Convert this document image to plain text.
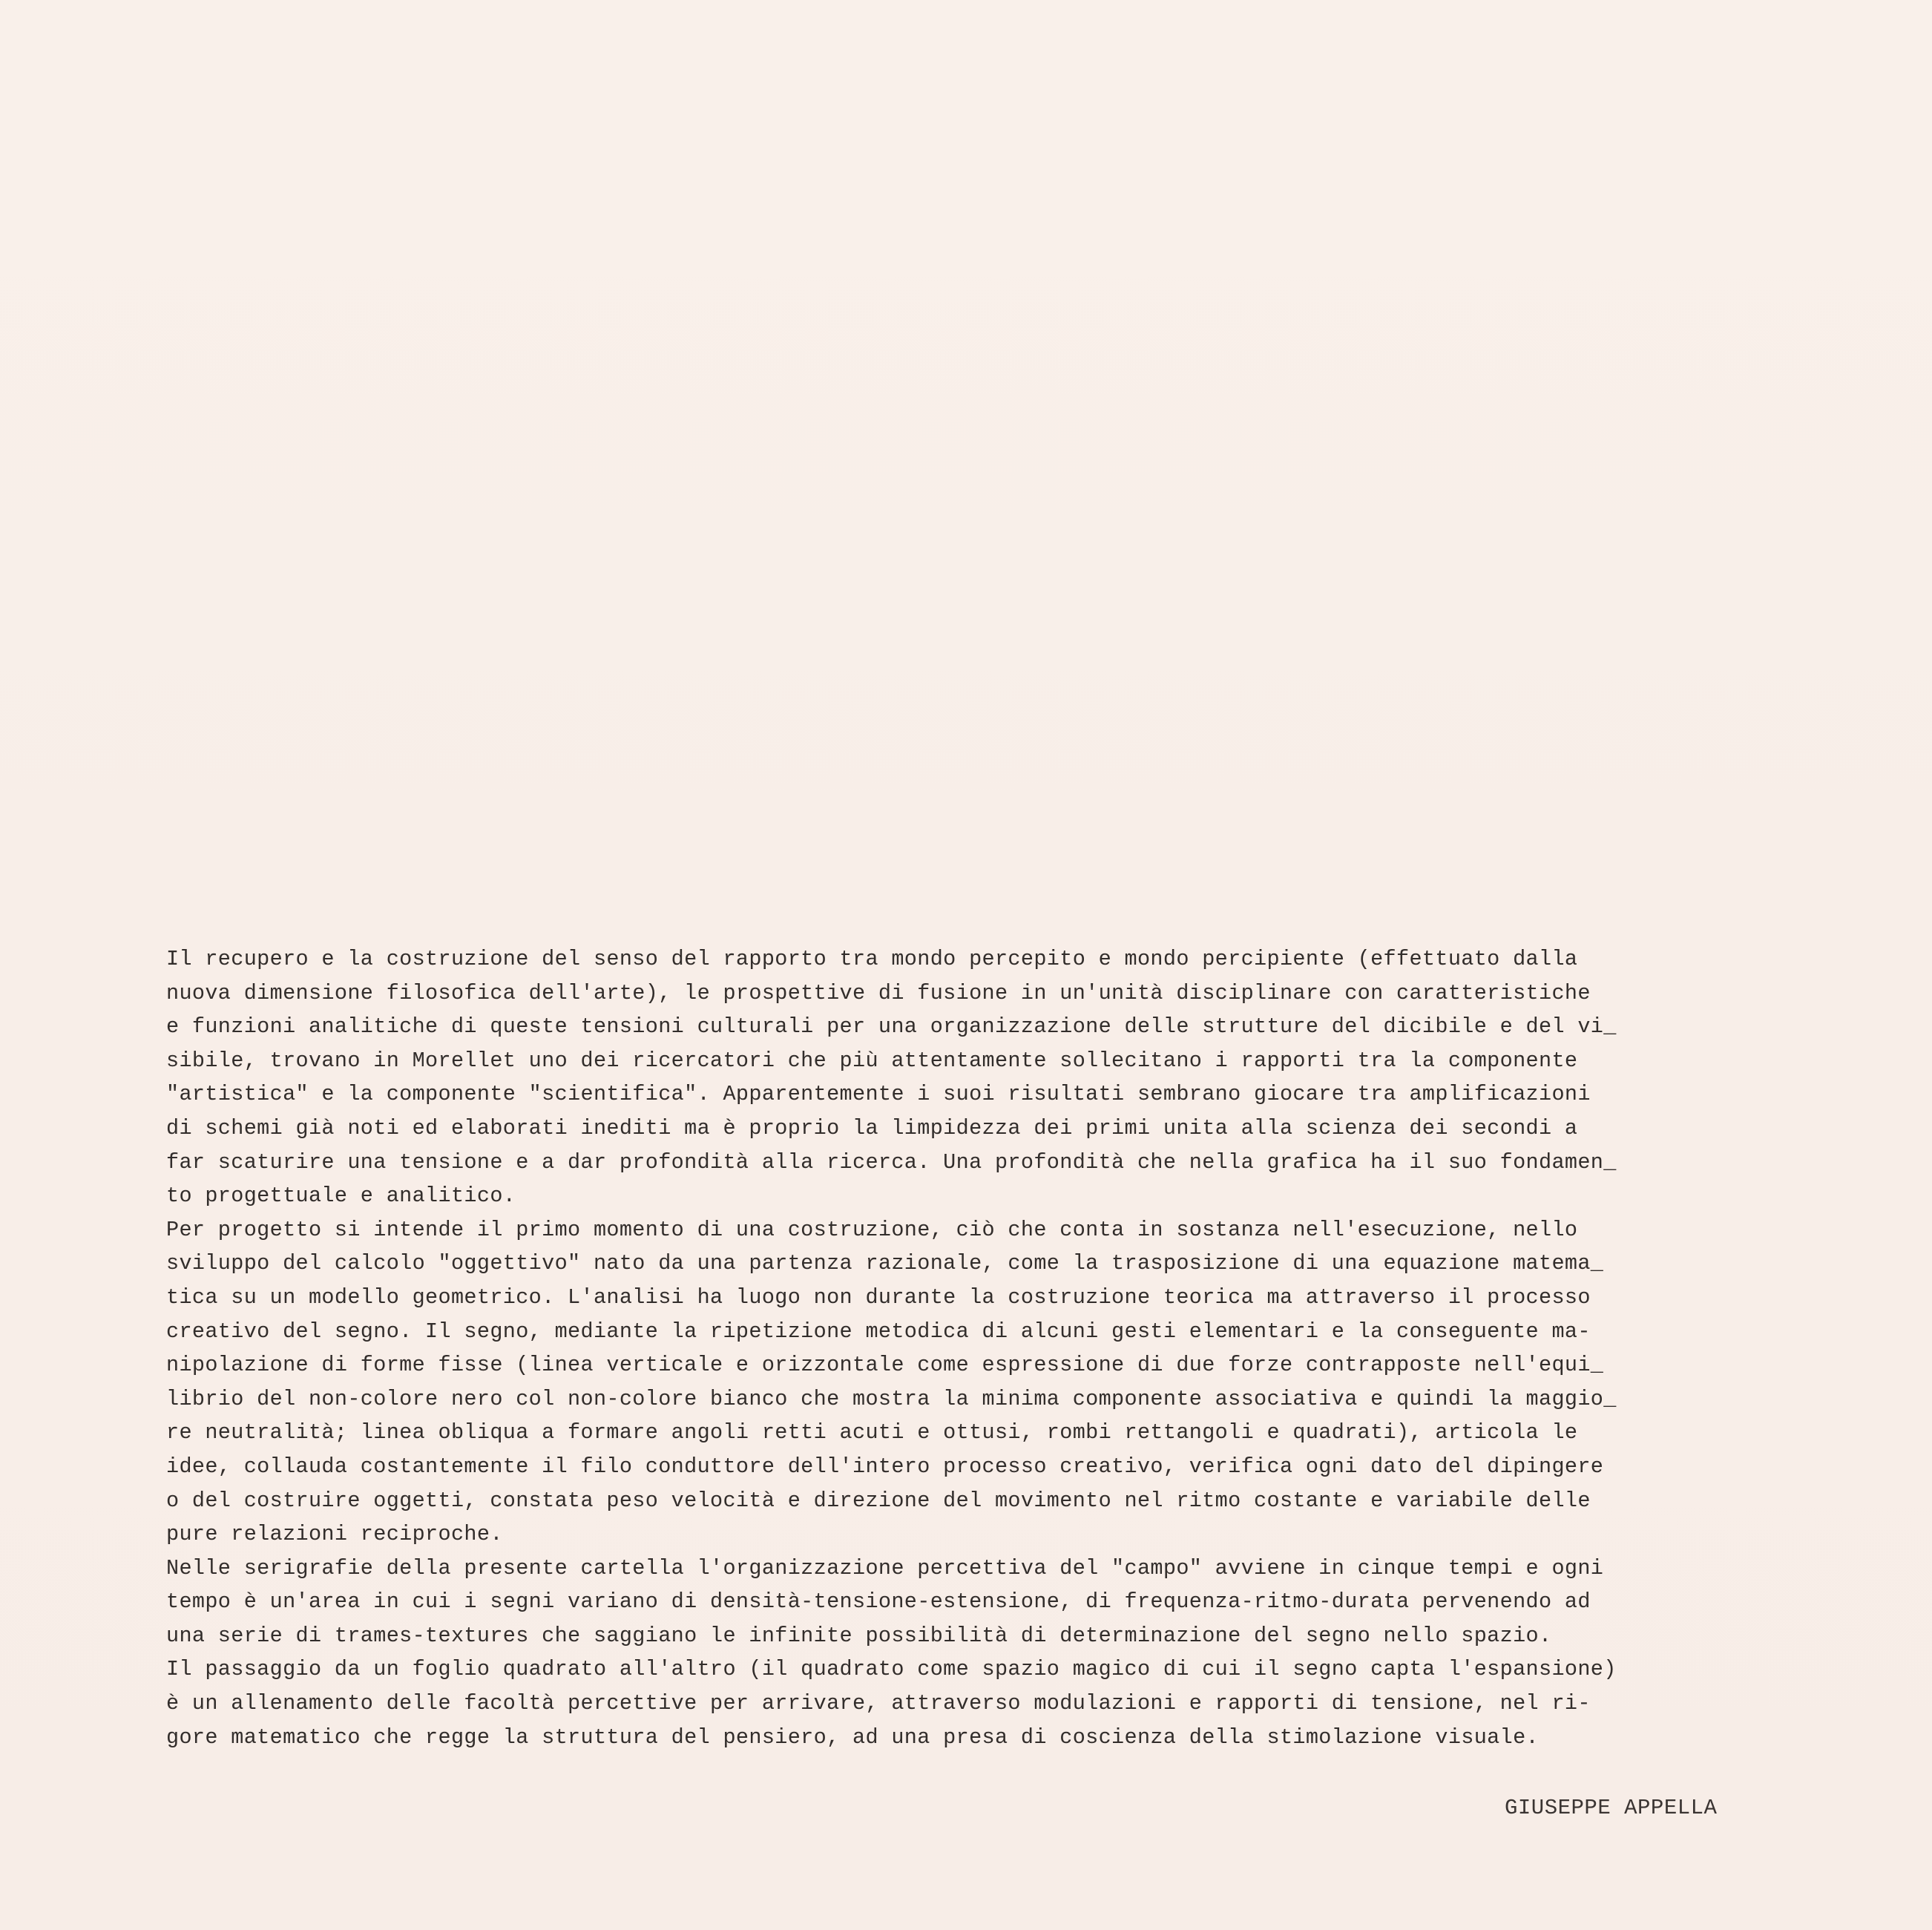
Il recupero e la costruzione del senso del rapporto tra mondo percepito e mondo percipiente (effettuato dalla
nuova dimensione filosofica dell'arte), le prospettive di fusione in un'unità disciplinare con caratteristiche
e funzioni analitiche di queste tensioni culturali per una organizzazione delle strutture del dicibile e del vi_
sibile, trovano in Morellet uno dei ricercatori che più attentamente sollecitano i rapporti tra la componente
"artistica" e la componente "scientifica". Apparentemente i suoi risultati sembrano giocare tra amplificazioni
di schemi già noti ed elaborati inediti ma è proprio la limpidezza dei primi unita alla scienza dei secondi a
far scaturire una tensione e a dar profondità alla ricerca. Una profondità che nella grafica ha il suo fondamen_
to progettuale e analitico.
Per progetto si intende il primo momento di una costruzione, ciò che conta in sostanza nell'esecuzione, nello
sviluppo del calcolo "oggettivo" nato da una partenza razionale, come la trasposizione di una equazione matema_
tica su un modello geometrico. L'analisi ha luogo non durante la costruzione teorica ma attraverso il processo
creativo del segno. Il segno, mediante la ripetizione metodica di alcuni gesti elementari e la conseguente ma-
nipolazione di forme fisse (linea verticale e orizzontale come espressione di due forze contrapposte nell'equi_
librio del non-colore nero col non-colore bianco che mostra la minima componente associativa e quindi la maggio_
re neutralità; linea obliqua a formare angoli retti acuti e ottusi, rombi rettangoli e quadrati), articola le
idee, collauda costantemente il filo conduttore dell'intero processo creativo, verifica ogni dato del dipingere
o del costruire oggetti, constata peso velocità e direzione del movimento nel ritmo costante e variabile delle
pure relazioni reciproche.
Nelle serigrafie della presente cartella l'organizzazione percettiva del "campo" avviene in cinque tempi e ogni
tempo è un'area in cui i segni variano di densità-tensione-estensione, di frequenza-ritmo-durata pervenendo ad
una serie di trames-textures che saggiano le infinite possibilità di determinazione del segno nello spazio.
Il passaggio da un foglio quadrato all'altro (il quadrato come spazio magico di cui il segno capta l'espansione)
è un allenamento delle facoltà percettive per arrivare, attraverso modulazioni e rapporti di tensione, nel ri-
gore matematico che regge la struttura del pensiero, ad una presa di coscienza della stimolazione visuale.
GIUSEPPE APPELLA
